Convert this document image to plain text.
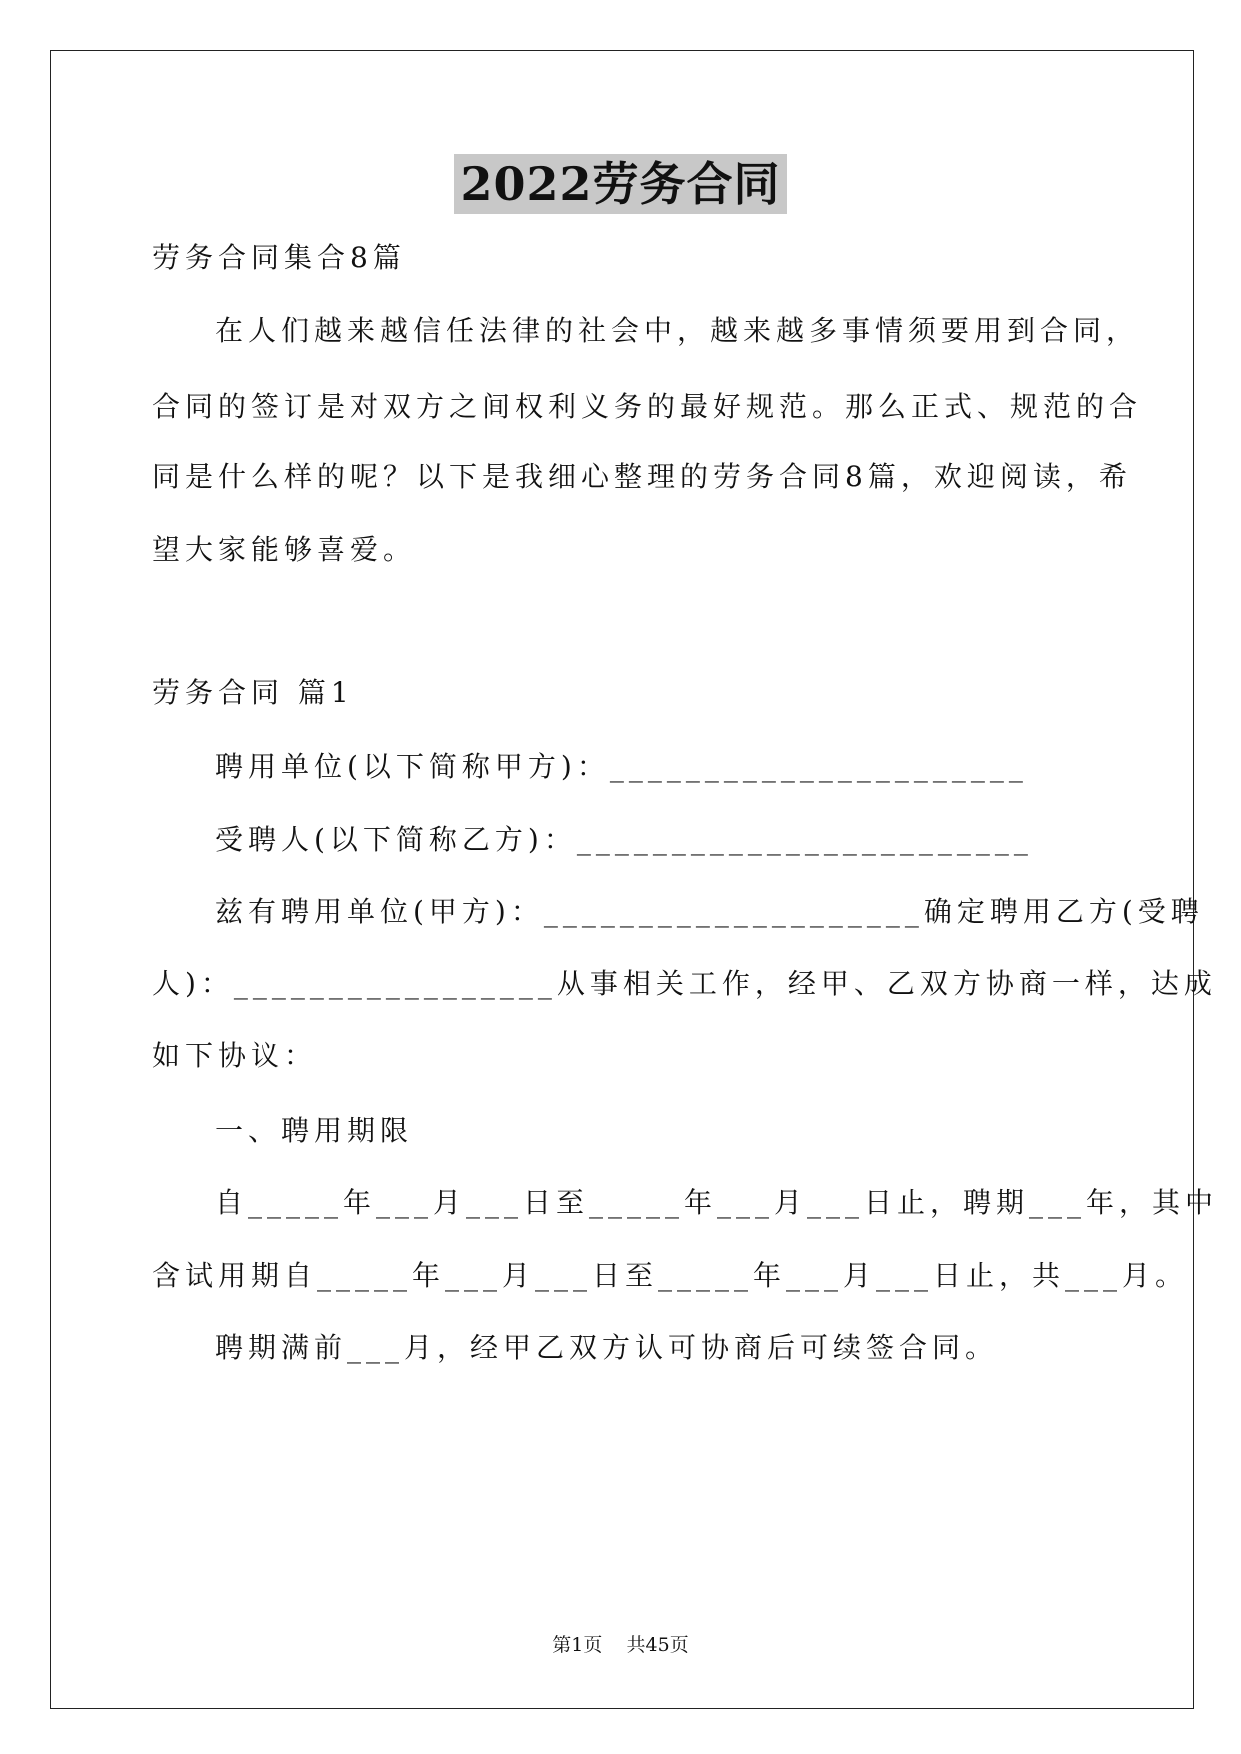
2022劳务合同
劳务合同集合8篇
在人们越来越信任法律的社会中，越来越多事情须要用到合同，
合同的签订是对双方之间权利义务的最好规范。那么正式、规范的合
同是什么样的呢？以下是我细心整理的劳务合同8篇，欢迎阅读，希
望大家能够喜爱。
劳务合同 篇1
聘用单位(以下简称甲方)：______________________
受聘人(以下简称乙方)：________________________
兹有聘用单位(甲方)：____________________确定聘用乙方(受聘
人)：_________________从事相关工作，经甲、乙双方协商一样，达成
如下协议：
一、聘用期限
自_____年___月___日至_____年___月___日止，聘期___年，其中
含试用期自_____年___月___日至_____年___月___日止，共___月。
聘期满前___月，经甲乙双方认可协商后可续签合同。
第1页 共45页
